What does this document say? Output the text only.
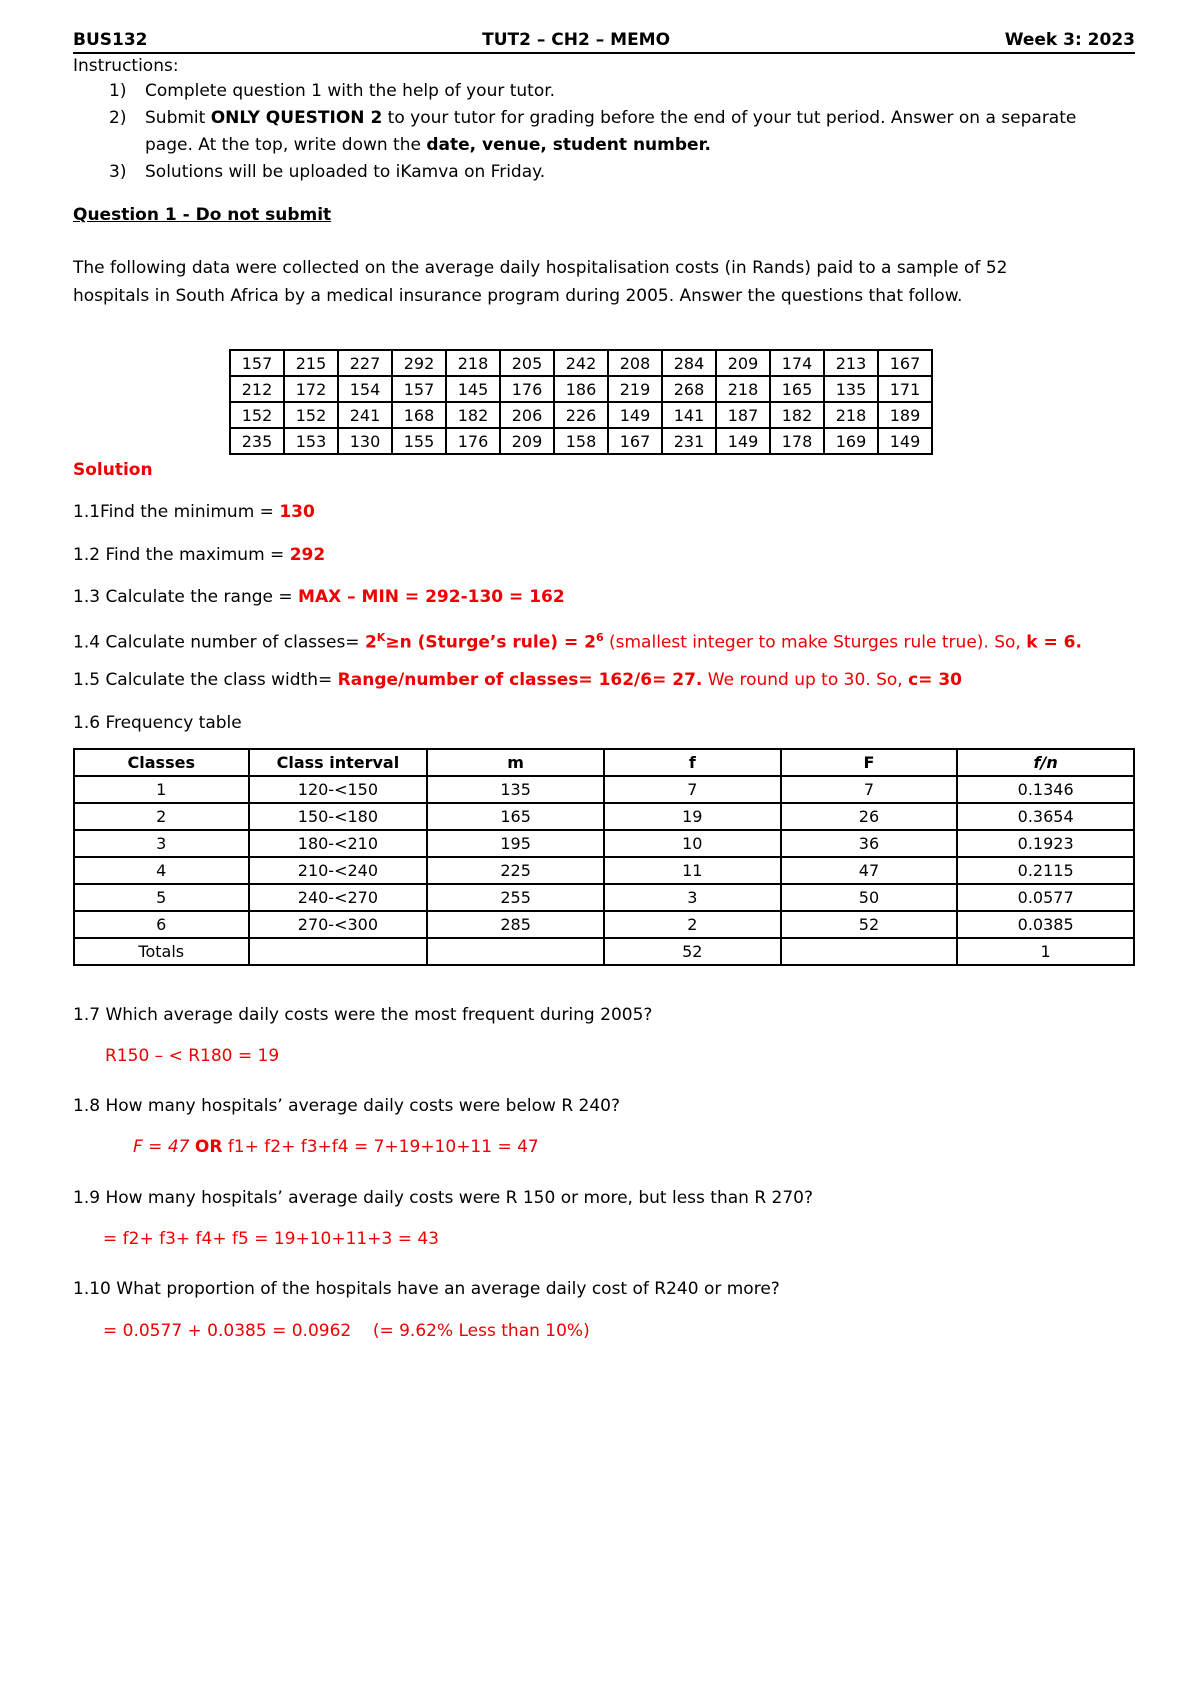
BUS132	TUT2 – CH2 – MEMO	Week 3: 2023
Instructions:
1)	Complete question 1 with the help of your tutor.
2)	Submit ONLY QUESTION 2 to your tutor for grading before the end of your tut period. Answer on a separate
page. At the top, write down the date, venue, student number.
3)	Solutions will be uploaded to iKamva on Friday.
Question 1 - Do not submit
The following data were collected on the average daily hospitalisation costs (in Rands) paid to a sample of 52
hospitals in South Africa by a medical insurance program during 2005. Answer the questions that follow.
157	215	227	292	218	205	242	208	284	209	174	213	167
212	172	154	157	145	176	186	219	268	218	165	135	171
152	152	241	168	182	206	226	149	141	187	182	218	189
235	153	130	155	176	209	158	167	231	149	178	169	149
Solution
1.1Find the minimum = 130
1.2 Find the maximum = 292
1.3 Calculate the range = MAX – MIN = 292-130 = 162
1.4 Calculate number of classes= $2^K\ge n$ (Sturge’s rule) = $2^6$ (smallest integer to make Sturges rule true). So, k = 6.
1.5 Calculate the class width= Range/number of classes= 162/6= 27. We round up to 30. So, c= 30
1.6 Frequency table
Classes	Class interval	m	f	F	f/n
1	120-<150	135	7	7	0.1346
2	150-<180	165	19	26	0.3654
3	180-<210	195	10	36	0.1923
4	210-<240	225	11	47	0.2115
5	240-<270	255	3	50	0.0577
6	270-<300	285	2	52	0.0385
Totals			52		1
1.7 Which average daily costs were the most frequent during 2005?
R150 – < R180 = 19
1.8 How many hospitals’ average daily costs were below R 240?
F = 47 OR f1+ f2+ f3+f4 = 7+19+10+11 = 47
1.9 How many hospitals’ average daily costs were R 150 or more, but less than R 270?
= f2+ f3+ f4+ f5 = 19+10+11+3 = 43
1.10 What proportion of the hospitals have an average daily cost of R240 or more?
= 0.0577 + 0.0385 = 0.0962    (= 9.62% Less than 10%)
